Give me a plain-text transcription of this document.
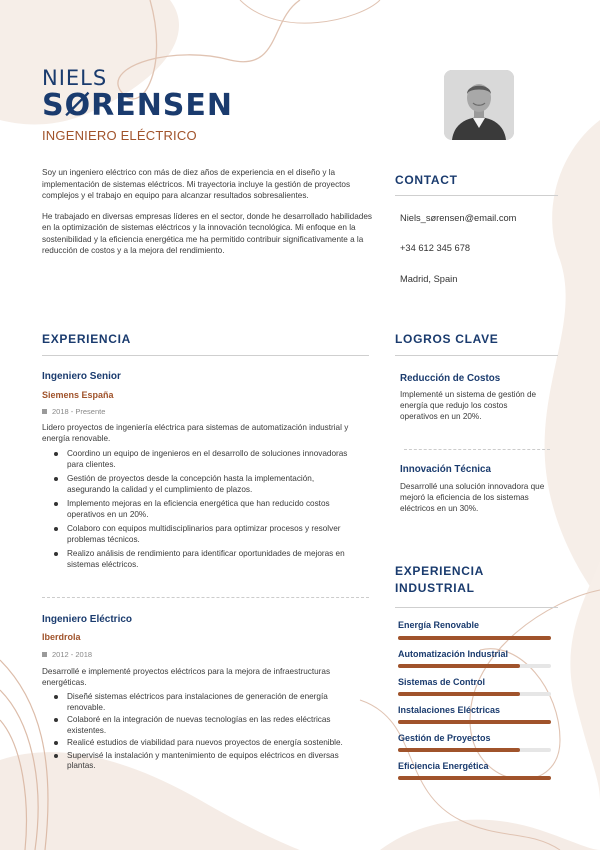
NIELS
SØRENSEN
INGENIERO ELÉCTRICO

Soy un ingeniero eléctrico con más de diez años de experiencia en el diseño y la implementación de sistemas eléctricos. Mi trayectoria incluye la gestión de proyectos complejos y el trabajo en equipo para alcanzar resultados sobresalientes.

He trabajado en diversas empresas líderes en el sector, donde he desarrollado habilidades en la optimización de sistemas eléctricos y la innovación tecnológica. Mi enfoque en la sostenibilidad y la eficiencia energética me ha permitido contribuir significativamente a la reducción de costos y a la mejora del rendimiento.

CONTACT
Niels_sørensen@email.com
+34 612 345 678
Madrid, Spain
EXPERIENCIA
Ingeniero Senior
Siemens España
2018 - Presente
Lidero proyectos de ingeniería eléctrica para sistemas de automatización industrial y energía renovable.
Coordino un equipo de ingenieros en el desarrollo de soluciones innovadoras para clientes.
Gestión de proyectos desde la concepción hasta la implementación, asegurando la calidad y el cumplimiento de plazos.
Implemento mejoras en la eficiencia energética que han reducido costos operativos en un 20%.
Colaboro con equipos multidisciplinarios para optimizar procesos y resolver problemas técnicos.
Realizo análisis de rendimiento para identificar oportunidades de mejoras en sistemas eléctricos.
Ingeniero Eléctrico
Iberdrola
2012 - 2018
Desarrollé e implementé proyectos eléctricos para la mejora de infraestructuras energéticas.
Diseñé sistemas eléctricos para instalaciones de generación de energía renovable.
Colaboré en la integración de nuevas tecnologías en las redes eléctricas existentes.
Realicé estudios de viabilidad para nuevos proyectos de energía sostenible.
Supervisé la instalación y mantenimiento de equipos eléctricos en diversas plantas.
LOGROS CLAVE
Reducción de Costos
Implementé un sistema de gestión de energía que redujo los costos operativos en un 20%.
Innovación Técnica
Desarrollé una solución innovadora que mejoró la eficiencia de los sistemas eléctricos en un 30%.
EXPERIENCIA
INDUSTRIAL
Energía Renovable
Automatización Industrial
Sistemas de Control
Instalaciones Eléctricas
Gestión de Proyectos
Eficiencia Energética
